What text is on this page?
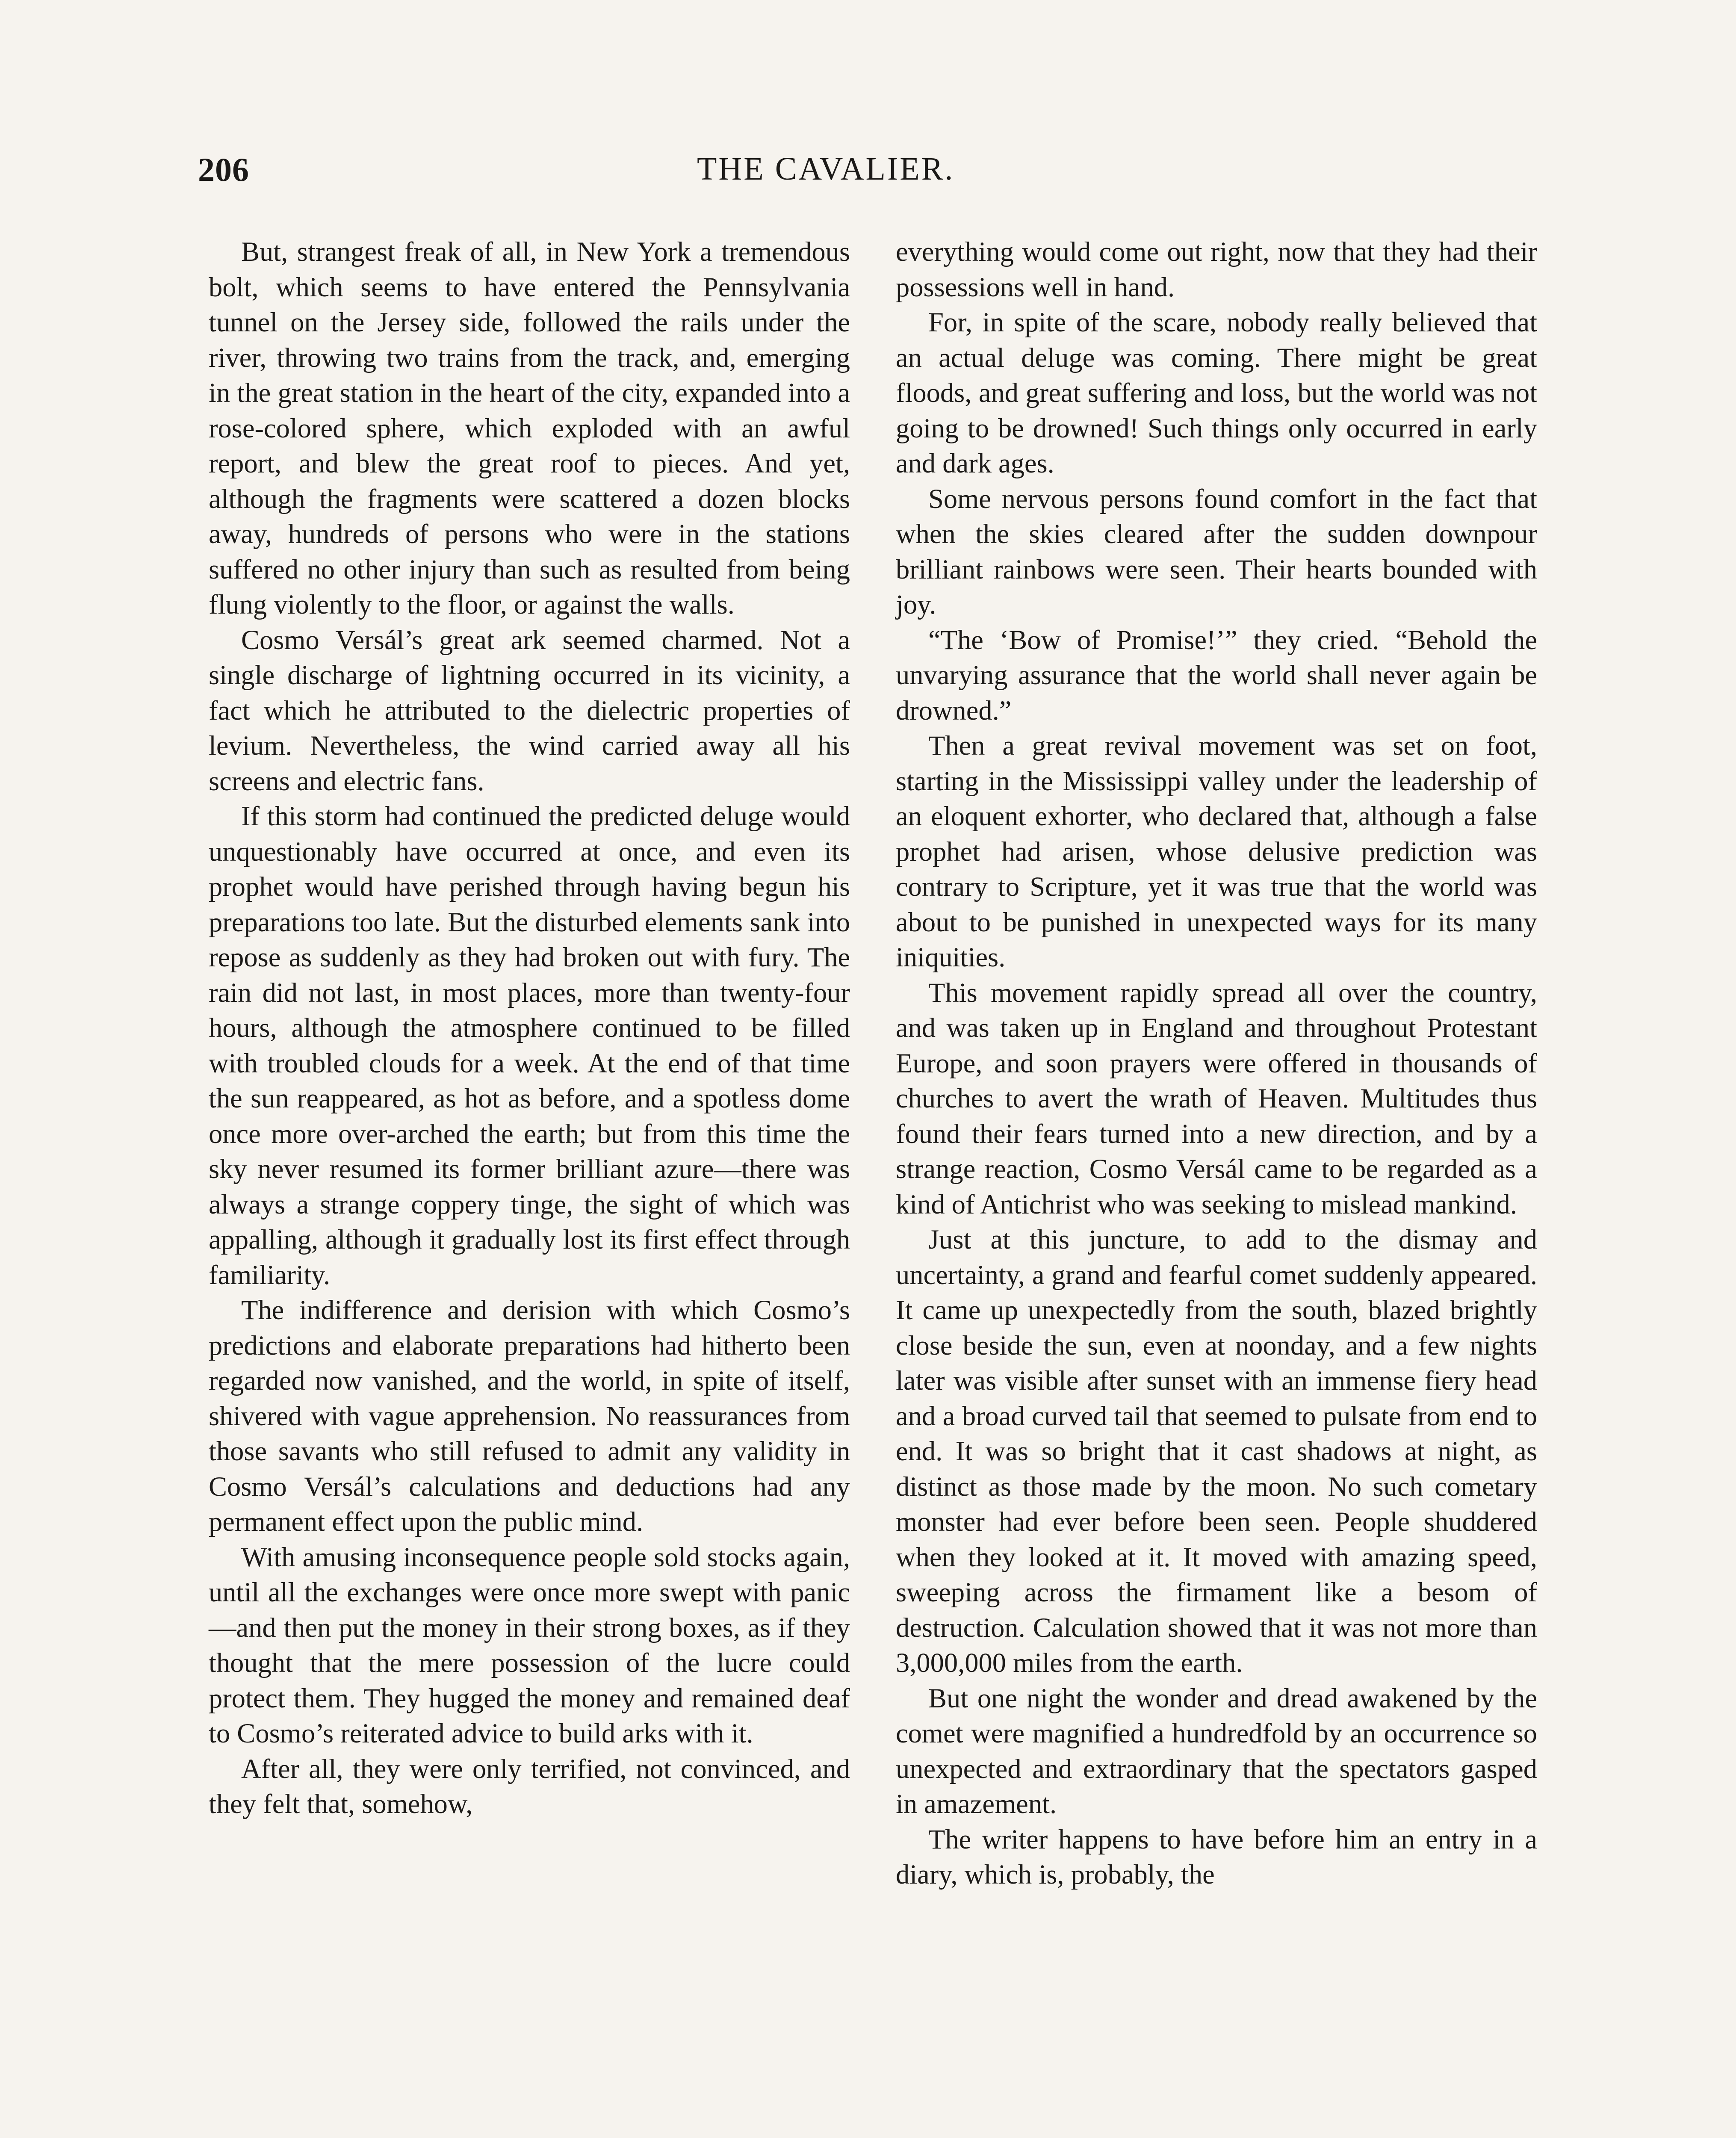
206	THE CAVALIER.

But, strangest freak of all, in New York a tremendous bolt, which seems to have entered the Pennsylvania tunnel on the Jersey side, followed the rails under the river, throwing two trains from the track, and, emerging in the great station in the heart of the city, expanded into a rose-colored sphere, which exploded with an awful report, and blew the great roof to pieces. And yet, although the fragments were scattered a dozen blocks away, hundreds of persons who were in the stations suffered no other injury than such as resulted from being flung violently to the floor, or against the walls.

Cosmo Versál’s great ark seemed charmed. Not a single discharge of lightning occurred in its vicinity, a fact which he attributed to the dielectric properties of levium. Nevertheless, the wind carried away all his screens and electric fans.

If this storm had continued the predicted deluge would unquestionably have occurred at once, and even its prophet would have perished through having begun his preparations too late. But the disturbed elements sank into repose as suddenly as they had broken out with fury. The rain did not last, in most places, more than twenty-four hours, although the atmosphere continued to be filled with troubled clouds for a week. At the end of that time the sun reappeared, as hot as before, and a spotless dome once more over-arched the earth; but from this time the sky never resumed its former brilliant azure—there was always a strange coppery tinge, the sight of which was appalling, although it gradually lost its first effect through familiarity.

The indifference and derision with which Cosmo’s predictions and elaborate preparations had hitherto been regarded now vanished, and the world, in spite of itself, shivered with vague apprehension. No reassurances from those savants who still refused to admit any validity in Cosmo Versál’s calculations and deductions had any permanent effect upon the public mind.

With amusing inconsequence people sold stocks again, until all the exchanges were once more swept with panic—and then put the money in their strong boxes, as if they thought that the mere possession of the lucre could protect them. They hugged the money and remained deaf to Cosmo’s reiterated advice to build arks with it.

After all, they were only terrified, not convinced, and they felt that, somehow,

everything would come out right, now that they had their possessions well in hand.

For, in spite of the scare, nobody really believed that an actual deluge was coming. There might be great floods, and great suffering and loss, but the world was not going to be drowned! Such things only occurred in early and dark ages.

Some nervous persons found comfort in the fact that when the skies cleared after the sudden downpour brilliant rainbows were seen. Their hearts bounded with joy.

“The ‘Bow of Promise!’” they cried. “Behold the unvarying assurance that the world shall never again be drowned.”

Then a great revival movement was set on foot, starting in the Mississippi valley under the leadership of an eloquent exhorter, who declared that, although a false prophet had arisen, whose delusive prediction was contrary to Scripture, yet it was true that the world was about to be punished in unexpected ways for its many iniquities.

This movement rapidly spread all over the country, and was taken up in England and throughout Protestant Europe, and soon prayers were offered in thousands of churches to avert the wrath of Heaven. Multitudes thus found their fears turned into a new direction, and by a strange reaction, Cosmo Versál came to be regarded as a kind of Antichrist who was seeking to mislead mankind.

Just at this juncture, to add to the dismay and uncertainty, a grand and fearful comet suddenly appeared. It came up unexpectedly from the south, blazed brightly close beside the sun, even at noonday, and a few nights later was visible after sunset with an immense fiery head and a broad curved tail that seemed to pulsate from end to end. It was so bright that it cast shadows at night, as distinct as those made by the moon. No such cometary monster had ever before been seen. People shuddered when they looked at it. It moved with amazing speed, sweeping across the firmament like a besom of destruction. Calculation showed that it was not more than 3,000,000 miles from the earth.

But one night the wonder and dread awakened by the comet were magnified a hundredfold by an occurrence so unexpected and extraordinary that the spectators gasped in amazement.

The writer happens to have before him an entry in a diary, which is, probably, the
